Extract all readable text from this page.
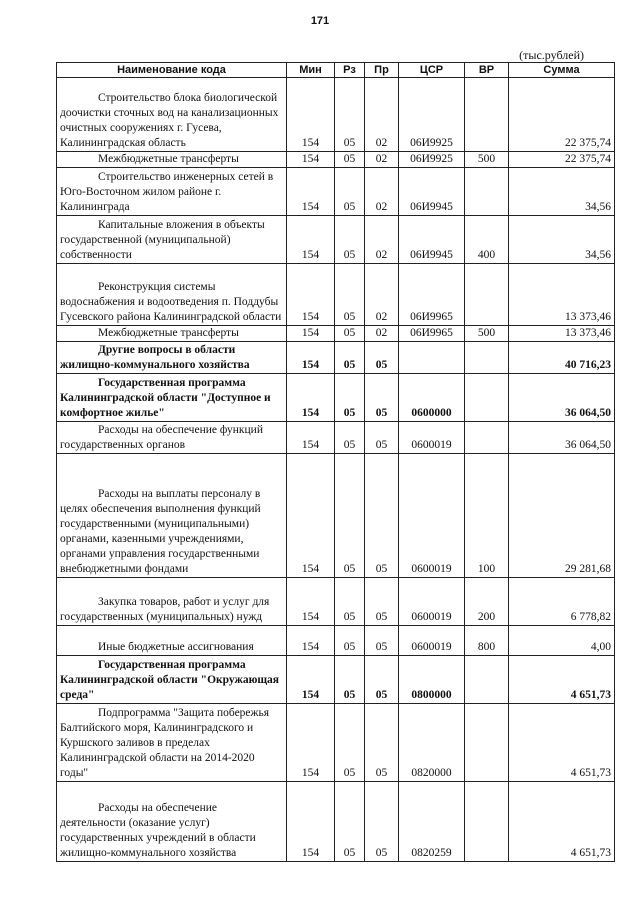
171
(тыс.рублей)
Наименование кода	Мин	Рз	Пр	ЦСР	ВР	Сумма
Строительство блока биологической доочистки сточных вод на канализационных очистных сооружениях г. Гусева, Калининградская область	154	05	02	06И9925		22 375,74
Межбюджетные трансферты	154	05	02	06И9925	500	22 375,74
Строительство инженерных сетей в Юго-Восточном жилом районе г. Калининграда	154	05	02	06И9945		34,56
Капитальные вложения в объекты государственной (муниципальной) собственности	154	05	02	06И9945	400	34,56
Реконструкция системы водоснабжения и водоотведения п. Поддубы Гусевского района Калининградской области	154	05	02	06И9965		13 373,46
Межбюджетные трансферты	154	05	02	06И9965	500	13 373,46
Другие вопросы в области жилищно-коммунального хозяйства	154	05	05			40 716,23
Государственная программа Калининградской области "Доступное и комфортное жилье"	154	05	05	0600000		36 064,50
Расходы на обеспечение функций государственных органов	154	05	05	0600019		36 064,50
Расходы на выплаты персоналу в целях обеспечения выполнения функций государственными (муниципальными) органами, казенными учреждениями, органами управления государственными внебюджетными фондами	154	05	05	0600019	100	29 281,68
Закупка товаров, работ и услуг для государственных (муниципальных) нужд	154	05	05	0600019	200	6 778,82
Иные бюджетные ассигнования	154	05	05	0600019	800	4,00
Государственная программа Калининградской области "Окружающая среда"	154	05	05	0800000		4 651,73
Подпрограмма "Защита побережья Балтийского моря, Калининградского и Куршского заливов в пределах Калининградской области на 2014-2020 годы"	154	05	05	0820000		4 651,73
Расходы на обеспечение деятельности (оказание услуг) государственных учреждений в области жилищно-коммунального хозяйства	154	05	05	0820259		4 651,73
